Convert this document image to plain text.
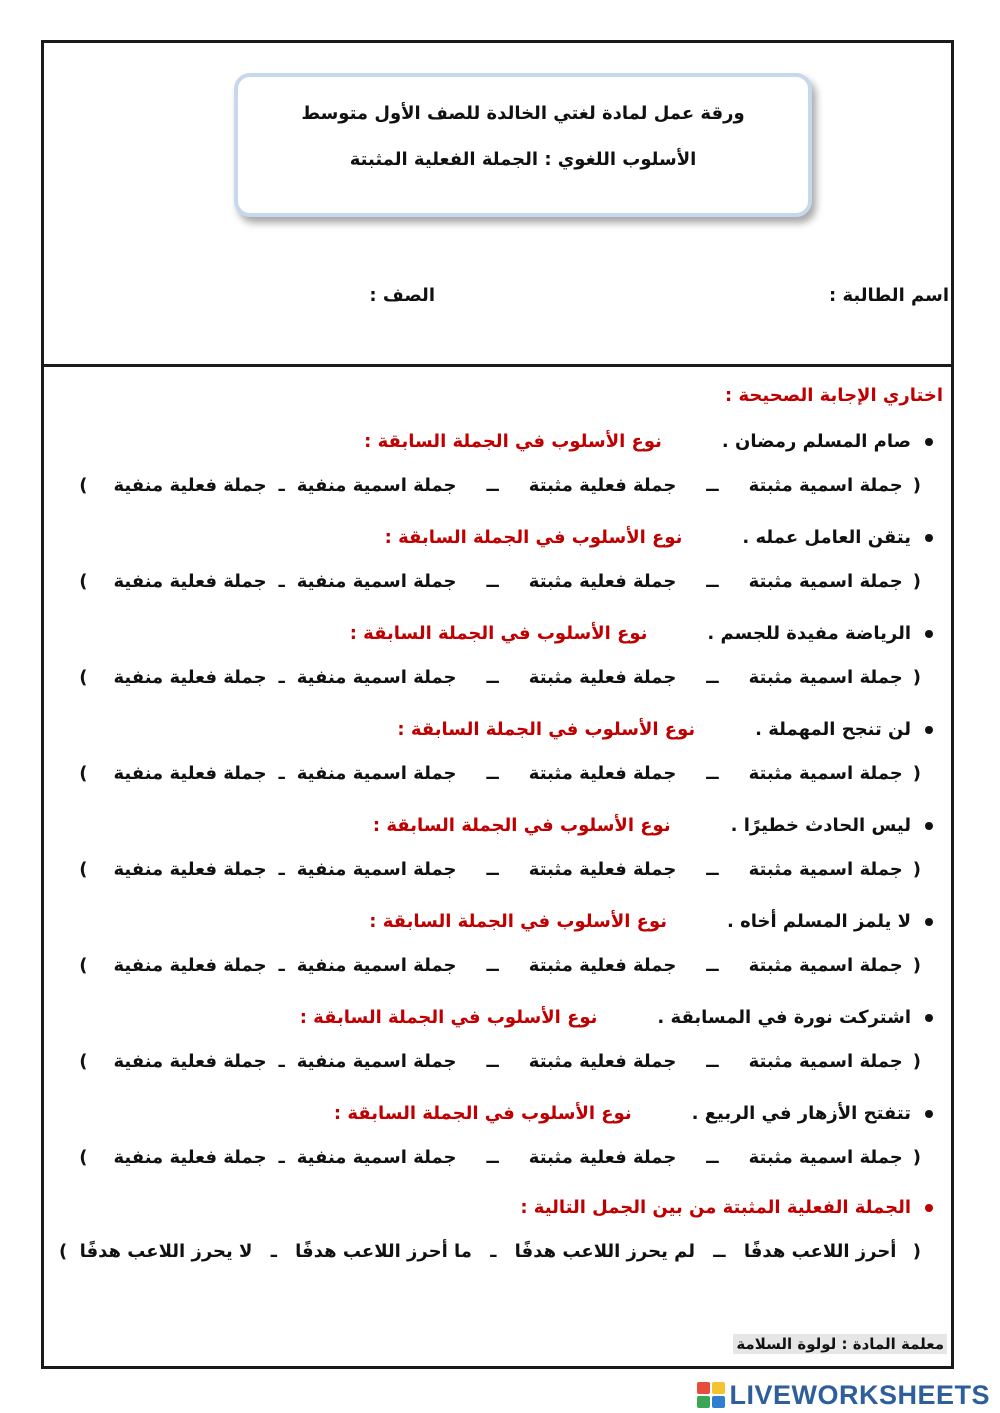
ورقة عمل لمادة لغتي الخالدة للصف الأول متوسط
الأسلوب اللغوي : الجملة الفعلية المثبتة
اسم الطالبة :
الصف :
اختاري الإجابة الصحيحة :
صام المسلم رمضان .نوع الأسلوب في الجملة السابقة :
(جملة اسمية مثبتةــجملة فعلية مثبتةــجملة اسمية منفيةـجملة فعلية منفية)
يتقن العامل عمله .نوع الأسلوب في الجملة السابقة :
(جملة اسمية مثبتةــجملة فعلية مثبتةــجملة اسمية منفيةـجملة فعلية منفية)
الرياضة مفيدة للجسم .نوع الأسلوب في الجملة السابقة :
(جملة اسمية مثبتةــجملة فعلية مثبتةــجملة اسمية منفيةـجملة فعلية منفية)
لن تنجح المهملة .نوع الأسلوب في الجملة السابقة :
(جملة اسمية مثبتةــجملة فعلية مثبتةــجملة اسمية منفيةـجملة فعلية منفية)
ليس الحادث خطيرًا .نوع الأسلوب في الجملة السابقة :
(جملة اسمية مثبتةــجملة فعلية مثبتةــجملة اسمية منفيةـجملة فعلية منفية)
لا يلمز المسلم أخاه .نوع الأسلوب في الجملة السابقة :
(جملة اسمية مثبتةــجملة فعلية مثبتةــجملة اسمية منفيةـجملة فعلية منفية)
اشتركت نورة في المسابقة .نوع الأسلوب في الجملة السابقة :
(جملة اسمية مثبتةــجملة فعلية مثبتةــجملة اسمية منفيةـجملة فعلية منفية)
تتفتح الأزهار في الربيع .نوع الأسلوب في الجملة السابقة :
(جملة اسمية مثبتةــجملة فعلية مثبتةــجملة اسمية منفيةـجملة فعلية منفية)
الجملة الفعلية المثبتة من بين الجمل التالية :
( أحرز اللاعب هدفًا ــ لم يحرز اللاعب هدفًا ـ ما أحرز اللاعب هدفًا ـ لا يحرز اللاعب هدفًا )
معلمة المادة : لولوة السلامة
LIVEWORKSHEETS
